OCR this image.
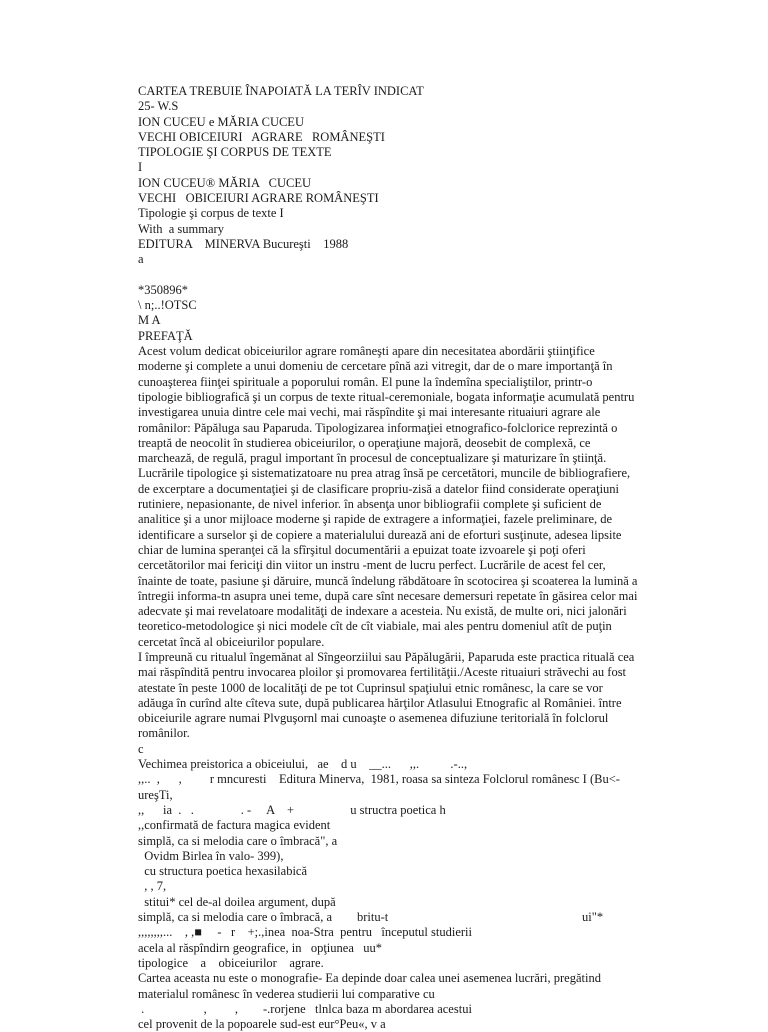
CARTEA TREBUIE ÎNAPOIATĂ LA TERÎV INDICAT
25- W.S
ION CUCEU e MĂRIA CUCEU
VECHI OBICEIURI   AGRARE   ROMÂNEŞTI
TIPOLOGIE ŞI CORPUS DE TEXTE
I
ION CUCEU® MĂRIA   CUCEU
VECHI   OBICEIURI AGRARE ROMÂNEŞTI
Tipologie şi corpus de texte I
With  a summary
EDITURA    MINERVA Bucureşti    1988
a
*350896*
\ n;..!OTSC
M A
PREFAŢĂ

Acest volum dedicat obiceiurilor agrare româneşti apare din necesitatea abordării ştiinţifice moderne şi complete a unui domeniu de cercetare pînă azi vitregit, dar de o mare importanţă în cunoaşterea fiinţei spirituale a poporului român. El pune la îndemîna specialiştilor, printr-o tipologie bibliografică şi un corpus de texte ritual-ceremoniale, bogata informaţie acumulată pentru investigarea unuia dintre cele mai vechi, mai răspîndite şi mai interesante rituaiuri agrare ale românilor: Păpăluga sau Paparuda. Tipologizarea informaţiei etnografico-folclorice reprezintă o treaptă de neocolit în studierea obiceiurilor, o operaţiune majoră, deosebit de complexă, ce marchează, de regulă, pragul important în procesul de conceptualizare şi maturizare în ştiinţă. Lucrările tipologice şi sistematizatoare nu prea atrag însă pe cercetători, muncile de bibliografiere, de excerptare a documentaţiei şi de clasificare propriu-zisă a datelor fiind considerate operaţiuni rutiniere, nepasionante, de nivel inferior. în absenţa unor bibliografii complete şi suficient de analitice şi a unor mijloace moderne şi rapide de extragere a informaţiei, fazele preliminare, de identificare a surselor şi de copiere a materialului durează ani de eforturi susţinute, adesea lipsite chiar de lumina speranţei că la sfîrşitul documentării a epuizat toate izvoarele şi poţi oferi cercetătorilor mai fericiţi din viitor un instru -ment de lucru perfect. Lucrările de acest fel cer, înainte de toate, pasiune şi dăruire, muncă îndelung răbdătoare în scotocirea şi scoaterea la lumină a întregii informa-tn asupra unei teme, după care sînt necesare demersuri repetate în găsirea celor mai adecvate şi mai revelatoare modalităţi de indexare a acesteia. Nu există, de multe ori, nici jalonări teoretico-metodologice şi nici modele cît de cît viabiale, mai ales pentru domeniul atît de puţin cercetat încă al obiceiurilor populare.

I împreună cu ritualul îngemănat al Sîngeorziilui sau Păpălugării, Paparuda este practica rituală cea mai răspîndită pentru invocarea ploilor şi promovarea fertilităţii./Aceste rituaiuri străvechi au fost atestate în peste 1000 de localităţi de pe tot Cuprinsul spaţiului etnic românesc, la care se vor adăuga în curînd alte cîteva sute, după publicarea hărţilor Atlasului Etnografic al României. între obiceiurile agrare numai Plvguşornl mai cunoaşte o asemenea difuziune teritorială în folclorul românilor.

c
Vechimea preistorica a obiceiului,   ae    d u    __...      ,,.          .-..,
,,..  ,      ,         r mncuresti    Editura Minerva,  1981, roasa sa sinteza Folclorul românesc I (Bu<-
ureşTi,
,,      ia  .   .               . -     A    +                  u structra poetica h
,,confirmată de factura magica evident
simplă, ca si melodia care o îmbracă", a
Ovidm Birlea în valo- 399),
cu structura poetica hexasilabică
, , 7,
stitui* cel de-al doilea argument, după
simplă, ca si melodia care o îmbracă, a        britu-t                                                              ui"*
,,,,,,,,...    , ,■     -   r    +;.,inea  noa-Stra  pentru   începutul studierii
acela al răspîndirn geografice, in   opţiunea   uu*
tipologice    a    obiceiurilor    agrare.

Cartea aceasta nu este o monografie- Ea depinde doar calea unei asemenea lucrări, pregătind materialul românesc în vederea studierii lui comparative cu

.                   ,         ,        -.rorjene   tlnlca baza m abordarea acestui
cel provenit de la popoarele sud-est eur°Peu«, v a
